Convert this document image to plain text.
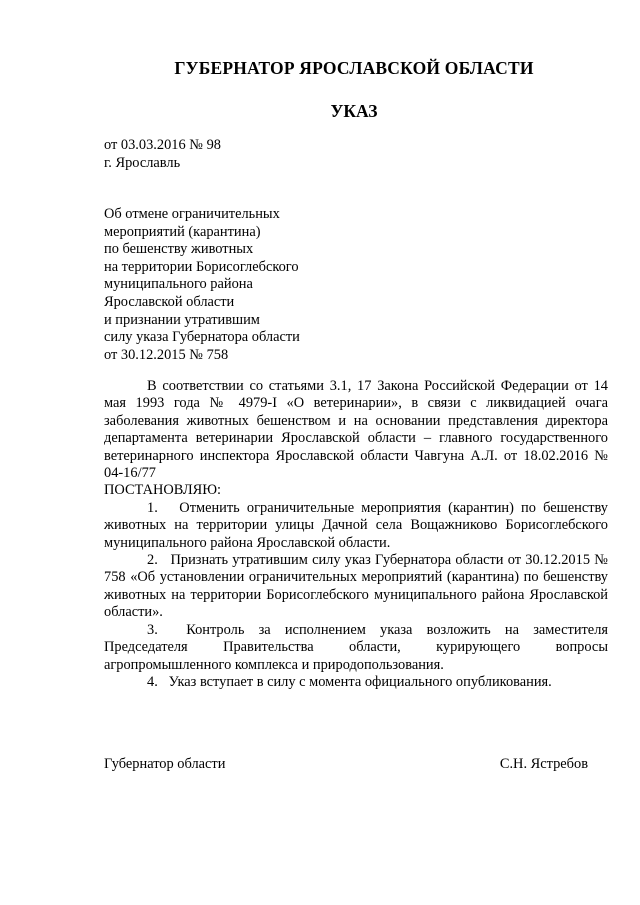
ГУБЕРНАТОР ЯРОСЛАВСКОЙ ОБЛАСТИ
УКАЗ
от 03.03.2016 № 98
г. Ярославль
Об отмене ограничительных
мероприятий (карантина)
по бешенству животных
на территории Борисоглебского
муниципального района
Ярославской области
и признании утратившим
силу указа Губернатора области
от 30.12.2015 № 758

В соответствии со статьями 3.1, 17 Закона Российской Федерации от 14 мая 1993 года № 4979-I «О ветеринарии», в связи с ликвидацией очага заболевания животных бешенством и на основании представления директора департамента ветеринарии Ярославской области – главного государственного ветеринарного инспектора Ярославской области Чавгуна А.Л. от 18.02.2016 № 04-16/77

ПОСТАНОВЛЯЮ:

1.   Отменить ограничительные мероприятия (карантин) по бешенству животных на территории улицы Дачной села Вощажниково Борисоглебского муниципального района Ярославской области.

2.   Признать утратившим силу указ Губернатора области от 30.12.2015 № 758 «Об установлении ограничительных мероприятий (карантина) по бешенству животных на территории Борисоглебского муниципального района Ярославской области».

3.  Контроль за исполнением указа возложить на заместителя Председателя Правительства области, курирующего вопросы агропромышленного комплекса и природопользования.

4.   Указ вступает в силу с момента официального опубликования.

Губернатор области	С.Н. Ястребов
